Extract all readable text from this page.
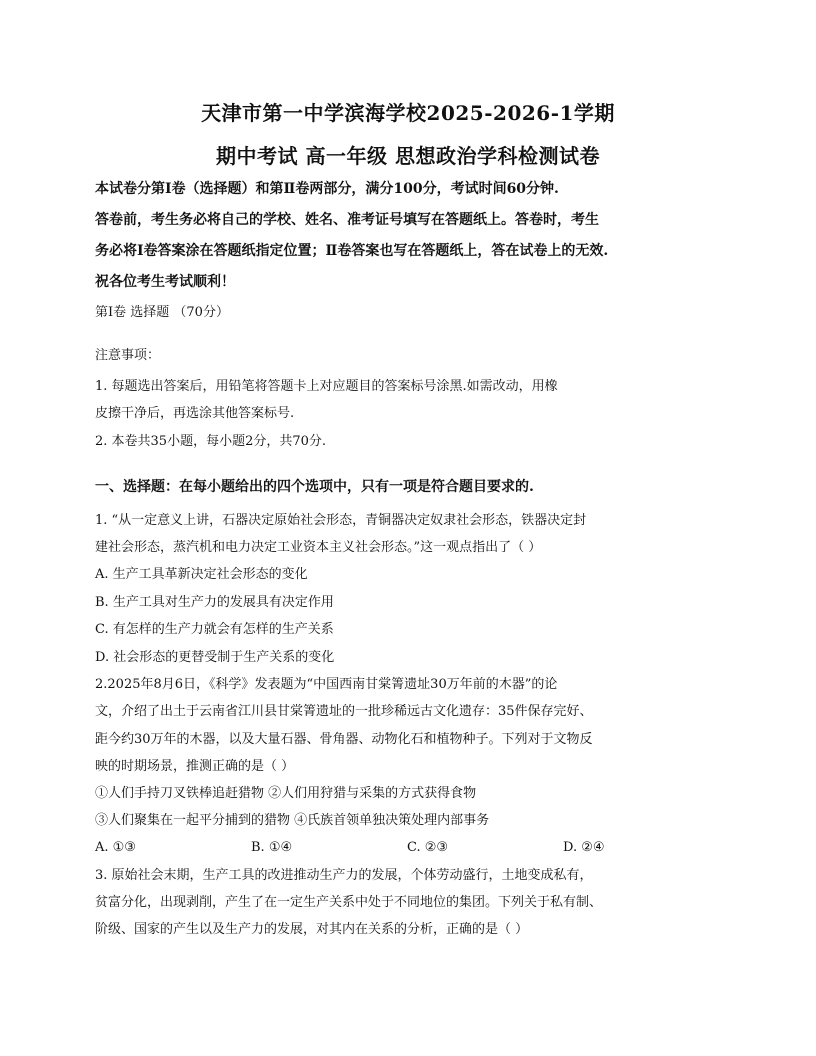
天津市第一中学滨海学校2025-2026-1学期
期中考试 高一年级 思想政治学科检测试卷
本试卷分第Ⅰ卷（选择题）和第Ⅱ卷两部分，满分100分，考试时间60分钟.
答卷前，考生务必将自己的学校、姓名、准考证号填写在答题纸上。答卷时，考生
务必将Ⅰ卷答案涂在答题纸指定位置；Ⅱ卷答案也写在答题纸上，答在试卷上的无效.
祝各位考生考试顺利！
第Ⅰ卷 选择题 （70分）
注意事项：
1. 每题选出答案后，用铅笔将答题卡上对应题目的答案标号涂黑.如需改动，用橡
皮擦干净后，再选涂其他答案标号.
2. 本卷共35小题，每小题2分，共70分.
一、选择题：在每小题给出的四个选项中，只有一项是符合题目要求的.
1. “从一定意义上讲，石器决定原始社会形态，青铜器决定奴隶社会形态，铁器决定封
建社会形态，蒸汽机和电力决定工业资本主义社会形态。”这一观点指出了（ ）
A. 生产工具革新决定社会形态的变化
B. 生产工具对生产力的发展具有决定作用
C. 有怎样的生产力就会有怎样的生产关系
D. 社会形态的更替受制于生产关系的变化
2.2025年8月6日，《科学》发表题为“中国西南甘棠箐遗址30万年前的木器”的论
文，介绍了出土于云南省江川县甘棠箐遗址的一批珍稀远古文化遗存：35件保存完好、
距今约30万年的木器，以及大量石器、骨角器、动物化石和植物种子。下列对于文物反
映的时期场景，推测正确的是（ ）
①人们手持刀叉铁棒追赶猎物 ②人们用狩猎与采集的方式获得食物
③人们聚集在一起平分捕到的猎物 ④氏族首领单独决策处理内部事务
A. ①③	B. ①④	C. ②③	D. ②④
3. 原始社会末期，生产工具的改进推动生产力的发展，个体劳动盛行，土地变成私有，
贫富分化，出现剥削，产生了在一定生产关系中处于不同地位的集团。下列关于私有制、
阶级、国家的产生以及生产力的发展，对其内在关系的分析，正确的是（ ）
